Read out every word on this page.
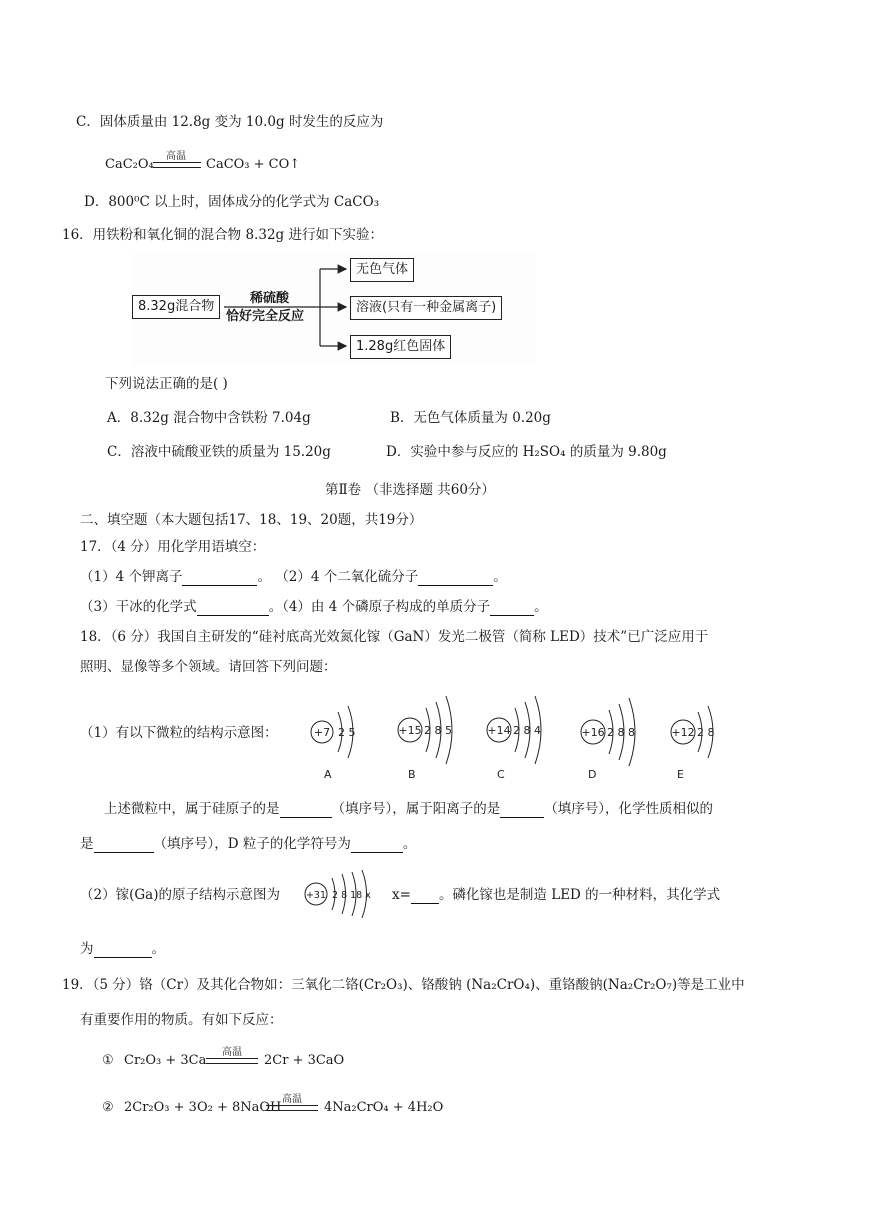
C．固体质量由 12.8g 变为 10.0g 时发生的反应为
CaC₂O₄
高温
CaCO₃ + CO↑
D．800⁰C 以上时，固体成分的化学式为 CaCO₃
16．用铁粉和氧化铜的混合物 8.32g 进行如下实验：
8.32g混合物
稀硫酸
恰好完全反应
无色气体
溶液(只有一种金属离子)
1.28g红色固体
下列说法正确的是( )
A．8.32g 混合物中含铁粉 7.04g	B．无色气体质量为 0.20g
C．溶液中硫酸亚铁的质量为 15.20g	D．实验中参与反应的 H₂SO₄ 的质量为 9.80g
第Ⅱ卷 （非选择题 共60分）
二、填空题（本大题包括17、18、19、20题，共19分）
17．（4 分）用化学用语填空：
（1）4 个钾离子	。 （2）4 个二氧化硫分子	。
（3）干冰的化学式	。（4）由 4 个磷原子构成的单质分子	。
18．（6 分）我国自主研发的“硅衬底高光效氮化镓（GaN）发光二极管（简称 LED）技术”已广泛应用于
照明、显像等多个领域。请回答下列问题：
（1）有以下微粒的结构示意图：	+7 2 5
A
+15 2 8 5
B
+14 2 8 4
C
+16 2 8 8
D
+12 2 8
E
上述微粒中，属于硅原子的是	（填序号），属于阳离子的是	（填序号），化学性质相似的
是	（填序号），D 粒子的化学符号为	。
（2）镓(Ga)的原子结构示意图为	+31 2 8 18 x x= 。磷化镓也是制造 LED 的一种材料，其化学式
为	。
19．（5 分）铬（Cr）及其化合物如：三氧化二铬(Cr₂O₃)、铬酸钠 (Na₂CrO₄)、重铬酸钠(Na₂Cr₂O₇)等是工业中
有重要作用的物质。有如下反应：
① Cr₂O₃ + 3Ca
高温
2Cr + 3CaO
② 2Cr₂O₃ + 3O₂ + 8NaOH
高温
4Na₂CrO₄ + 4H₂O
